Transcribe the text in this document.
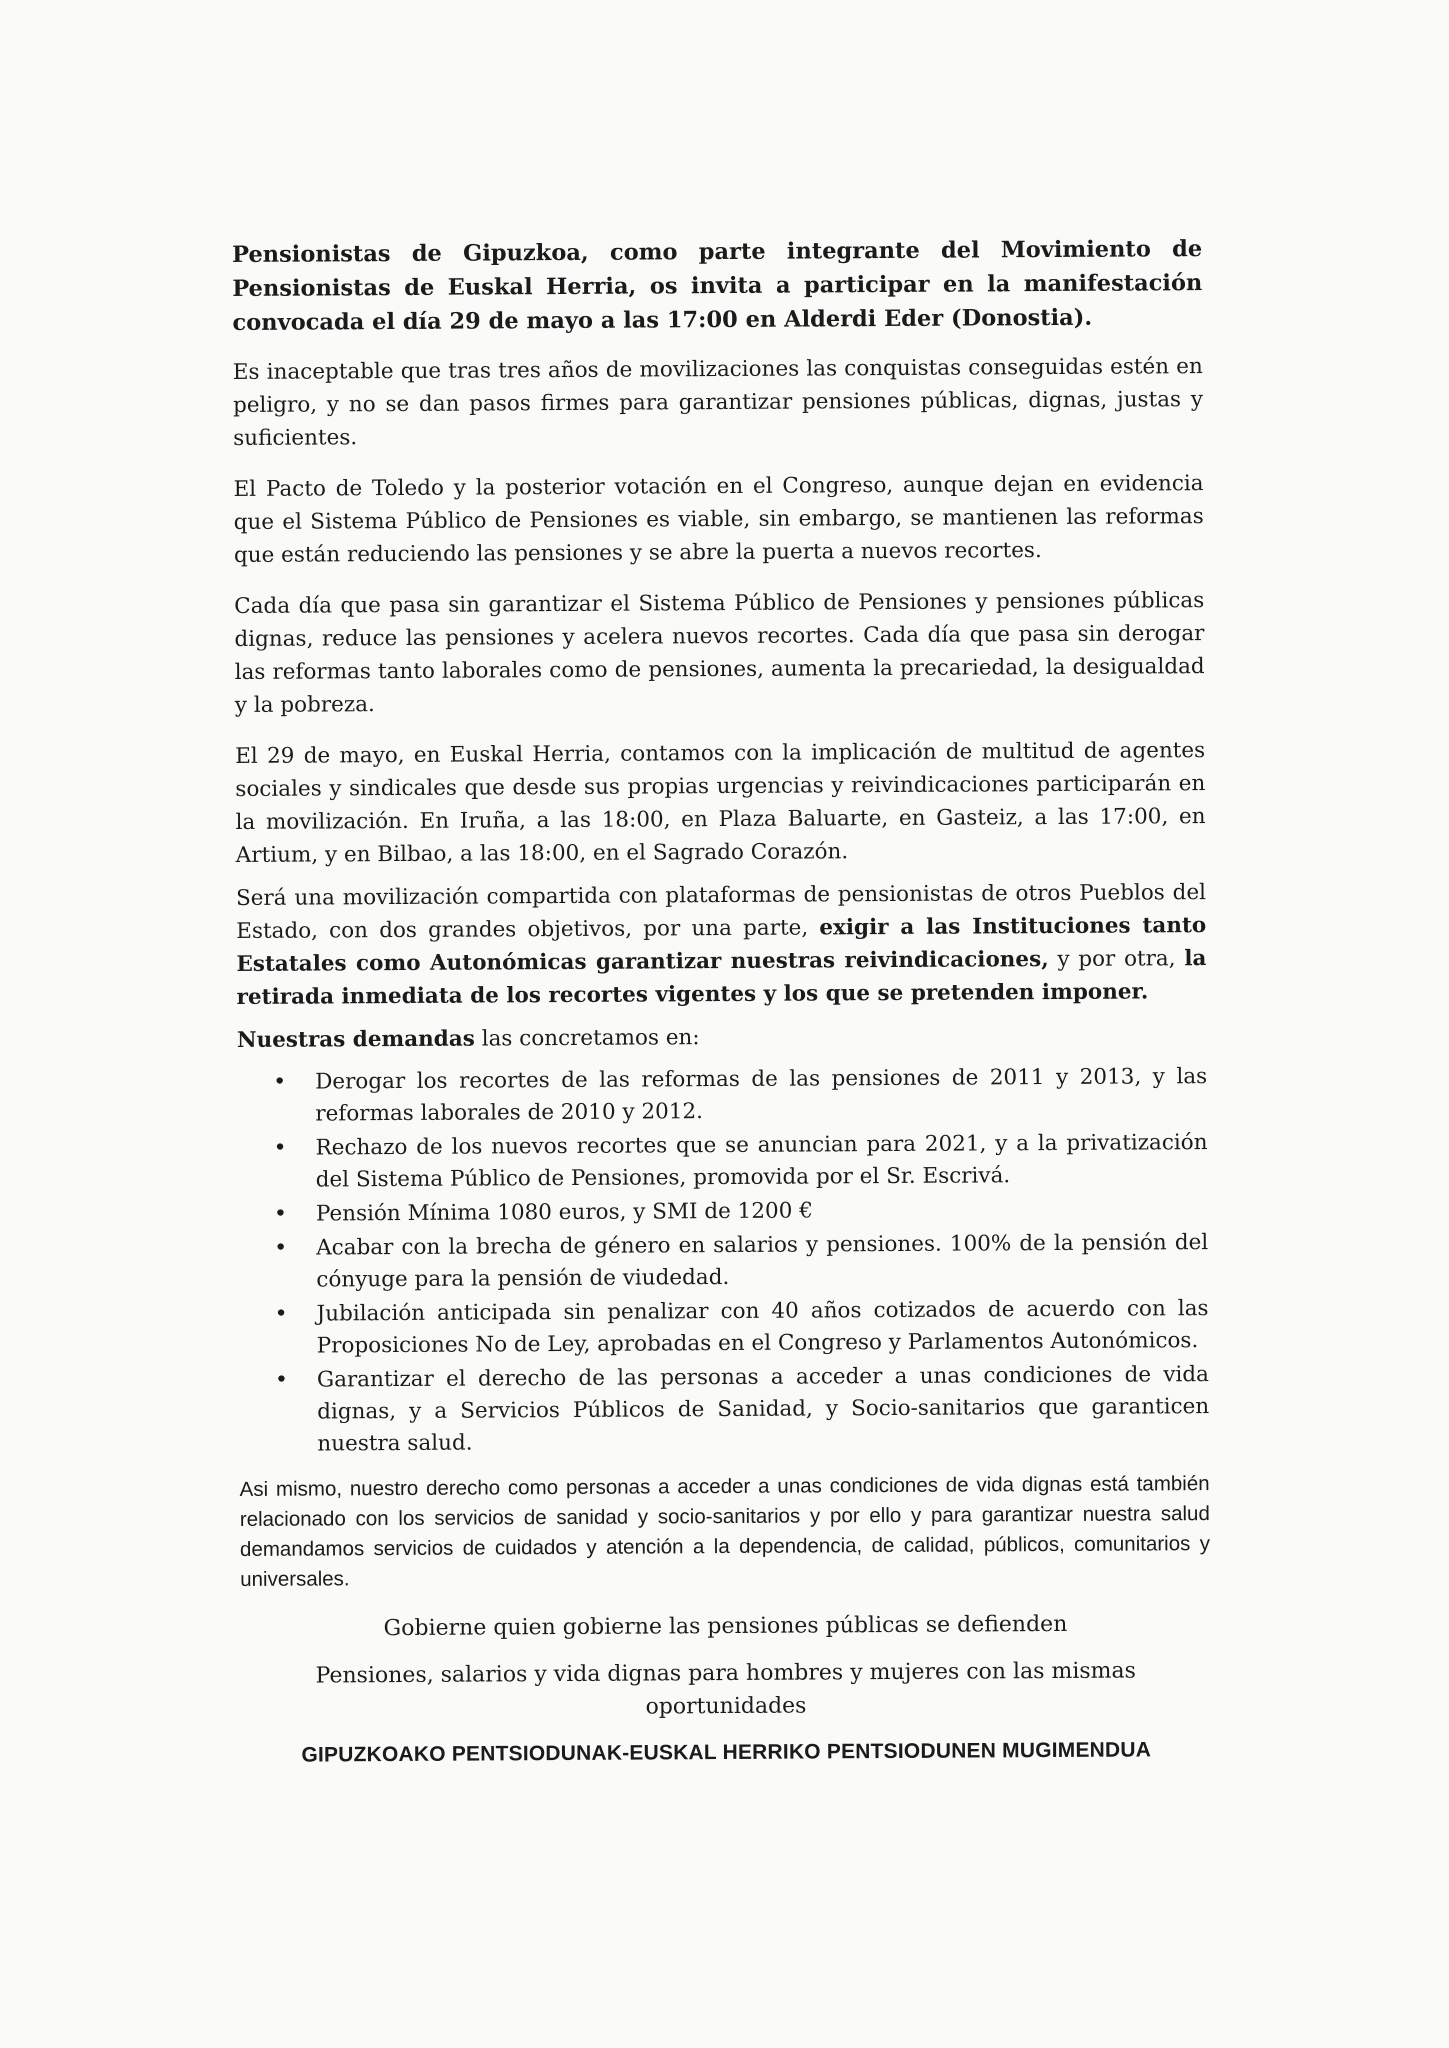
Pensionistas de Gipuzkoa, como parte integrante del Movimiento de Pensionistas de Euskal Herria, os invita a participar en la manifestación convocada el día 29 de mayo a las 17:00 en Alderdi Eder (Donostia).

Es inaceptable que tras tres años de movilizaciones las conquistas conseguidas estén en peligro, y no se dan pasos firmes para garantizar pensiones públicas, dignas, justas y suficientes.

El Pacto de Toledo y la posterior votación en el Congreso, aunque dejan en evidencia que el Sistema Público de Pensiones es viable, sin embargo, se mantienen las reformas que están reduciendo las pensiones y se abre la puerta a nuevos recortes.

Cada día que pasa sin garantizar el Sistema Público de Pensiones y pensiones públicas dignas, reduce las pensiones y acelera nuevos recortes. Cada día que pasa sin derogar las reformas tanto laborales como de pensiones, aumenta la precariedad, la desigualdad y la pobreza.

El 29 de mayo, en Euskal Herria, contamos con la implicación de multitud de agentes sociales y sindicales que desde sus propias urgencias y reivindicaciones participarán en la movilización. En Iruña, a las 18:00, en Plaza Baluarte, en Gasteiz, a las 17:00, en Artium, y en Bilbao, a las 18:00, en el Sagrado Corazón.

Será una movilización compartida con plataformas de pensionistas de otros Pueblos del Estado, con dos grandes objetivos, por una parte, exigir a las Instituciones tanto Estatales como Autonómicas garantizar nuestras reivindicaciones, y por otra, la retirada inmediata de los recortes vigentes y los que se pretenden imponer.

Nuestras demandas las concretamos en:

•	Derogar los recortes de las reformas de las pensiones de 2011 y 2013, y las reformas laborales de 2010 y 2012.
•	Rechazo de los nuevos recortes que se anuncian para 2021, y a la privatización del Sistema Público de Pensiones, promovida por el Sr. Escrivá.
•	Pensión Mínima 1080 euros, y SMI de 1200 €
•	Acabar con la brecha de género en salarios y pensiones. 100% de la pensión del cónyuge para la pensión de viudedad.
•	Jubilación anticipada sin penalizar con 40 años cotizados de acuerdo con las Proposiciones No de Ley, aprobadas en el Congreso y Parlamentos Autonómicos.
•	Garantizar el derecho de las personas a acceder a unas condiciones de vida dignas, y a Servicios Públicos de Sanidad, y Socio-sanitarios que garanticen nuestra salud.

Asi mismo, nuestro derecho como personas a acceder a unas condiciones de vida dignas está también relacionado con los servicios de sanidad y socio-sanitarios y por ello y para garantizar nuestra salud demandamos servicios de cuidados y atención a la dependencia, de calidad, públicos, comunitarios y universales.

Gobierne quien gobierne las pensiones públicas se defienden

Pensiones, salarios y vida dignas para hombres y mujeres con las mismas oportunidades

GIPUZKOAKO PENTSIODUNAK-EUSKAL HERRIKO PENTSIODUNEN MUGIMENDUA
